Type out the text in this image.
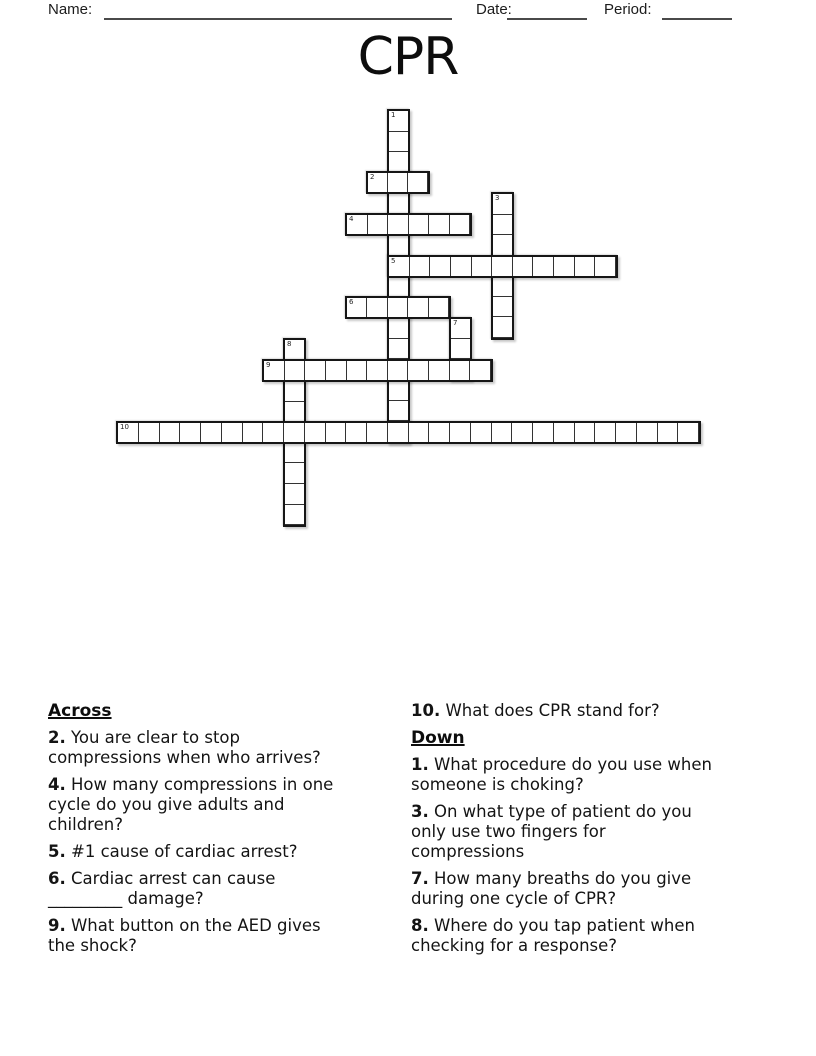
Name:	Date:	Period:
CPR
1
2
3
4
5
6
7
8
9
10
Across
2. You are clear to stop compressions when who arrives?
4. How many compressions in one cycle do you give adults and children?
5. #1 cause of cardiac arrest?
6. Cardiac arrest can cause _________ damage?
9. What button on the AED gives the shock?
10. What does CPR stand for?
Down
1. What procedure do you use when someone is choking?
3. On what type of patient do you only use two fingers for compressions
7. How many breaths do you give during one cycle of CPR?
8. Where do you tap patient when checking for a response?
